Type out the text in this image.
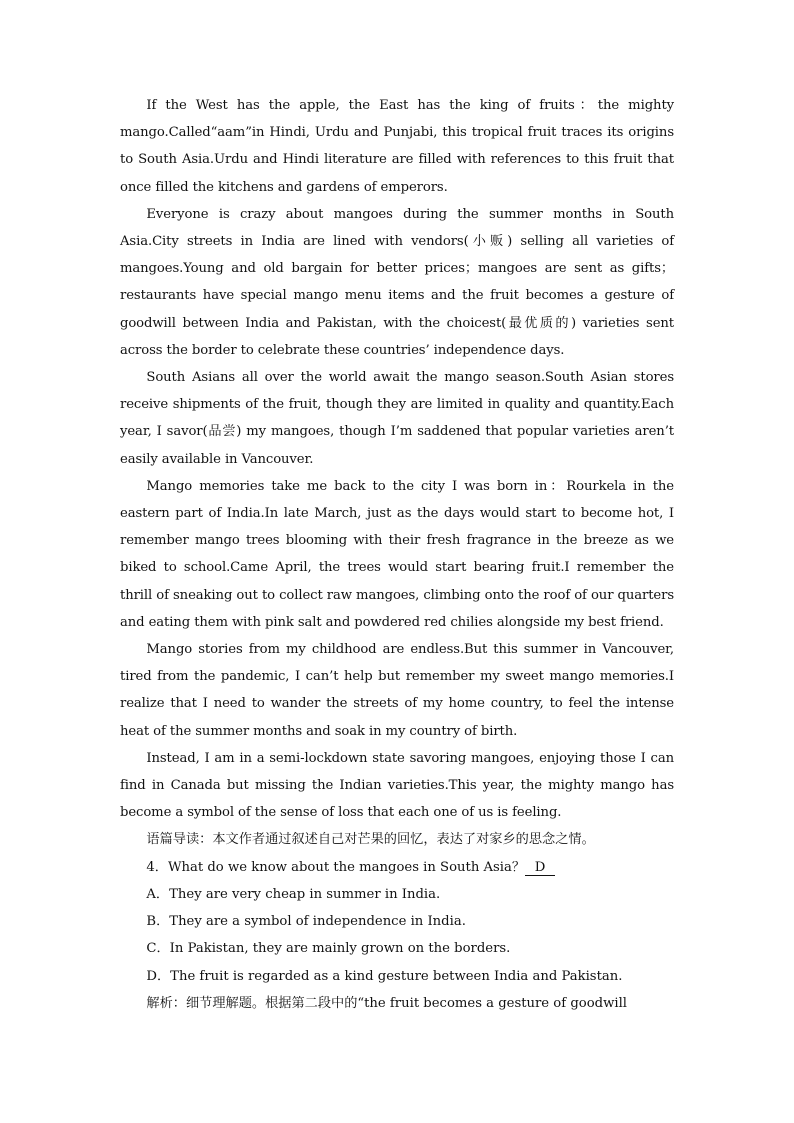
If the West has the apple, the East has the king of fruits：the mighty mango.Called“aam”in Hindi, Urdu and Punjabi, this tropical fruit traces its origins to South Asia.Urdu and Hindi literature are filled with references to this fruit that once filled the kitchens and gardens of emperors.

Everyone is crazy about mangoes during the summer months in South Asia.City streets in India are lined with vendors(小贩) selling all varieties of mangoes.Young and old bargain for better prices；mangoes are sent as gifts；restaurants have special mango menu items and the fruit becomes a gesture of goodwill between India and Pakistan, with the choicest(最优质的) varieties sent across the border to celebrate these countries’ independence days.

South Asians all over the world await the mango season.South Asian stores receive shipments of the fruit, though they are limited in quality and quantity.Each year, I savor(品尝) my mangoes, though I’m saddened that popular varieties aren’t easily available in Vancouver.

Mango memories take me back to the city I was born in：Rourkela in the eastern part of India.In late March, just as the days would start to become hot, I remember mango trees blooming with their fresh fragrance in the breeze as we biked to school.Came April, the trees would start bearing fruit.I remember the thrill of sneaking out to collect raw mangoes, climbing onto the roof of our quarters and eating them with pink salt and powdered red chilies alongside my best friend.

Mango stories from my childhood are endless.But this summer in Vancouver, tired from the pandemic, I can’t help but remember my sweet mango memories.I realize that I need to wander the streets of my home country, to feel the intense heat of the summer months and soak in my country of birth.

Instead, I am in a semi-lockdown state savoring mangoes, enjoying those I can find in Canada but missing the Indian varieties.This year, the mighty mango has become a symbol of the sense of loss that each one of us is feeling.

语篇导读：本文作者通过叙述自己对芒果的回忆，表达了对家乡的思念之情。

4．What do we know about the mangoes in South Asia？ D

A．They are very cheap in summer in India.

B．They are a symbol of independence in India.

C．In Pakistan, they are mainly grown on the borders.

D．The fruit is regarded as a kind gesture between India and Pakistan.

解析：细节理解题。根据第二段中的“the fruit becomes a gesture of goodwill
